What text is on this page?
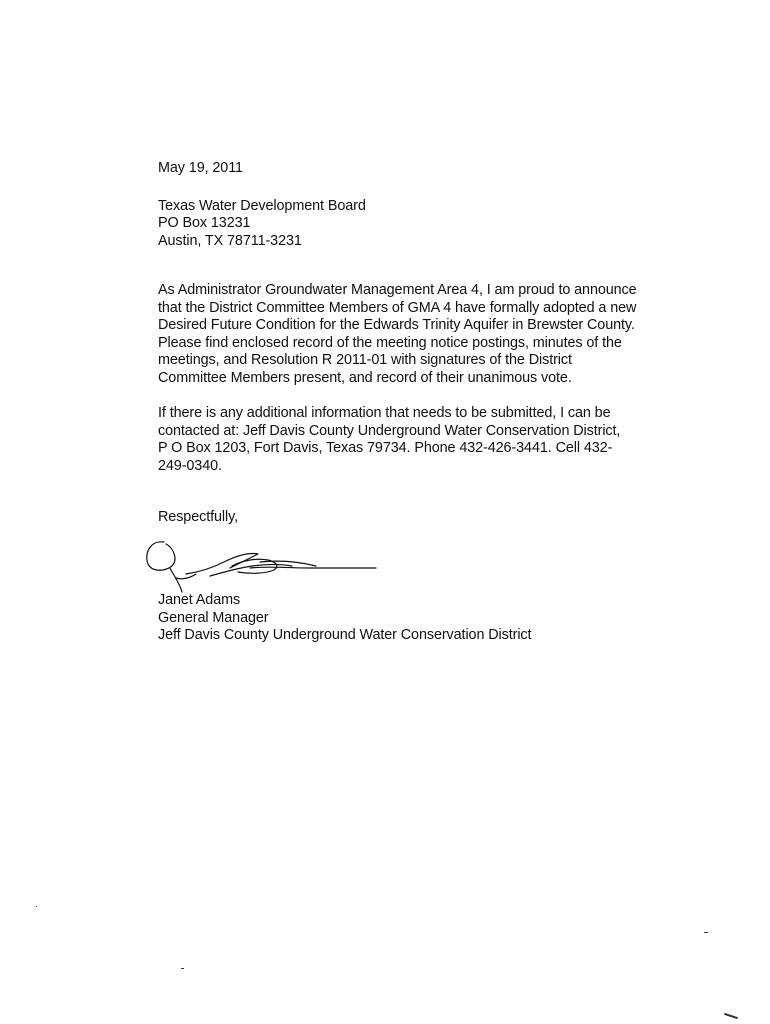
May 19, 2011
Texas Water Development Board
PO Box 13231
Austin, TX 78711-3231
As Administrator Groundwater Management Area 4, I am proud to announce
that the District Committee Members of GMA 4 have formally adopted a new
Desired Future Condition for the Edwards Trinity Aquifer in Brewster County.
Please find enclosed record of the meeting notice postings, minutes of the
meetings, and Resolution R 2011-01 with signatures of the District
Committee Members present, and record of their unanimous vote.
If there is any additional information that needs to be submitted, I can be
contacted at: Jeff Davis County Underground Water Conservation District,
P O Box 1203, Fort Davis, Texas 79734. Phone 432-426-3441. Cell 432-
249-0340.
Respectfully,
Janet Adams
General Manager
Jeff Davis County Underground Water Conservation District
